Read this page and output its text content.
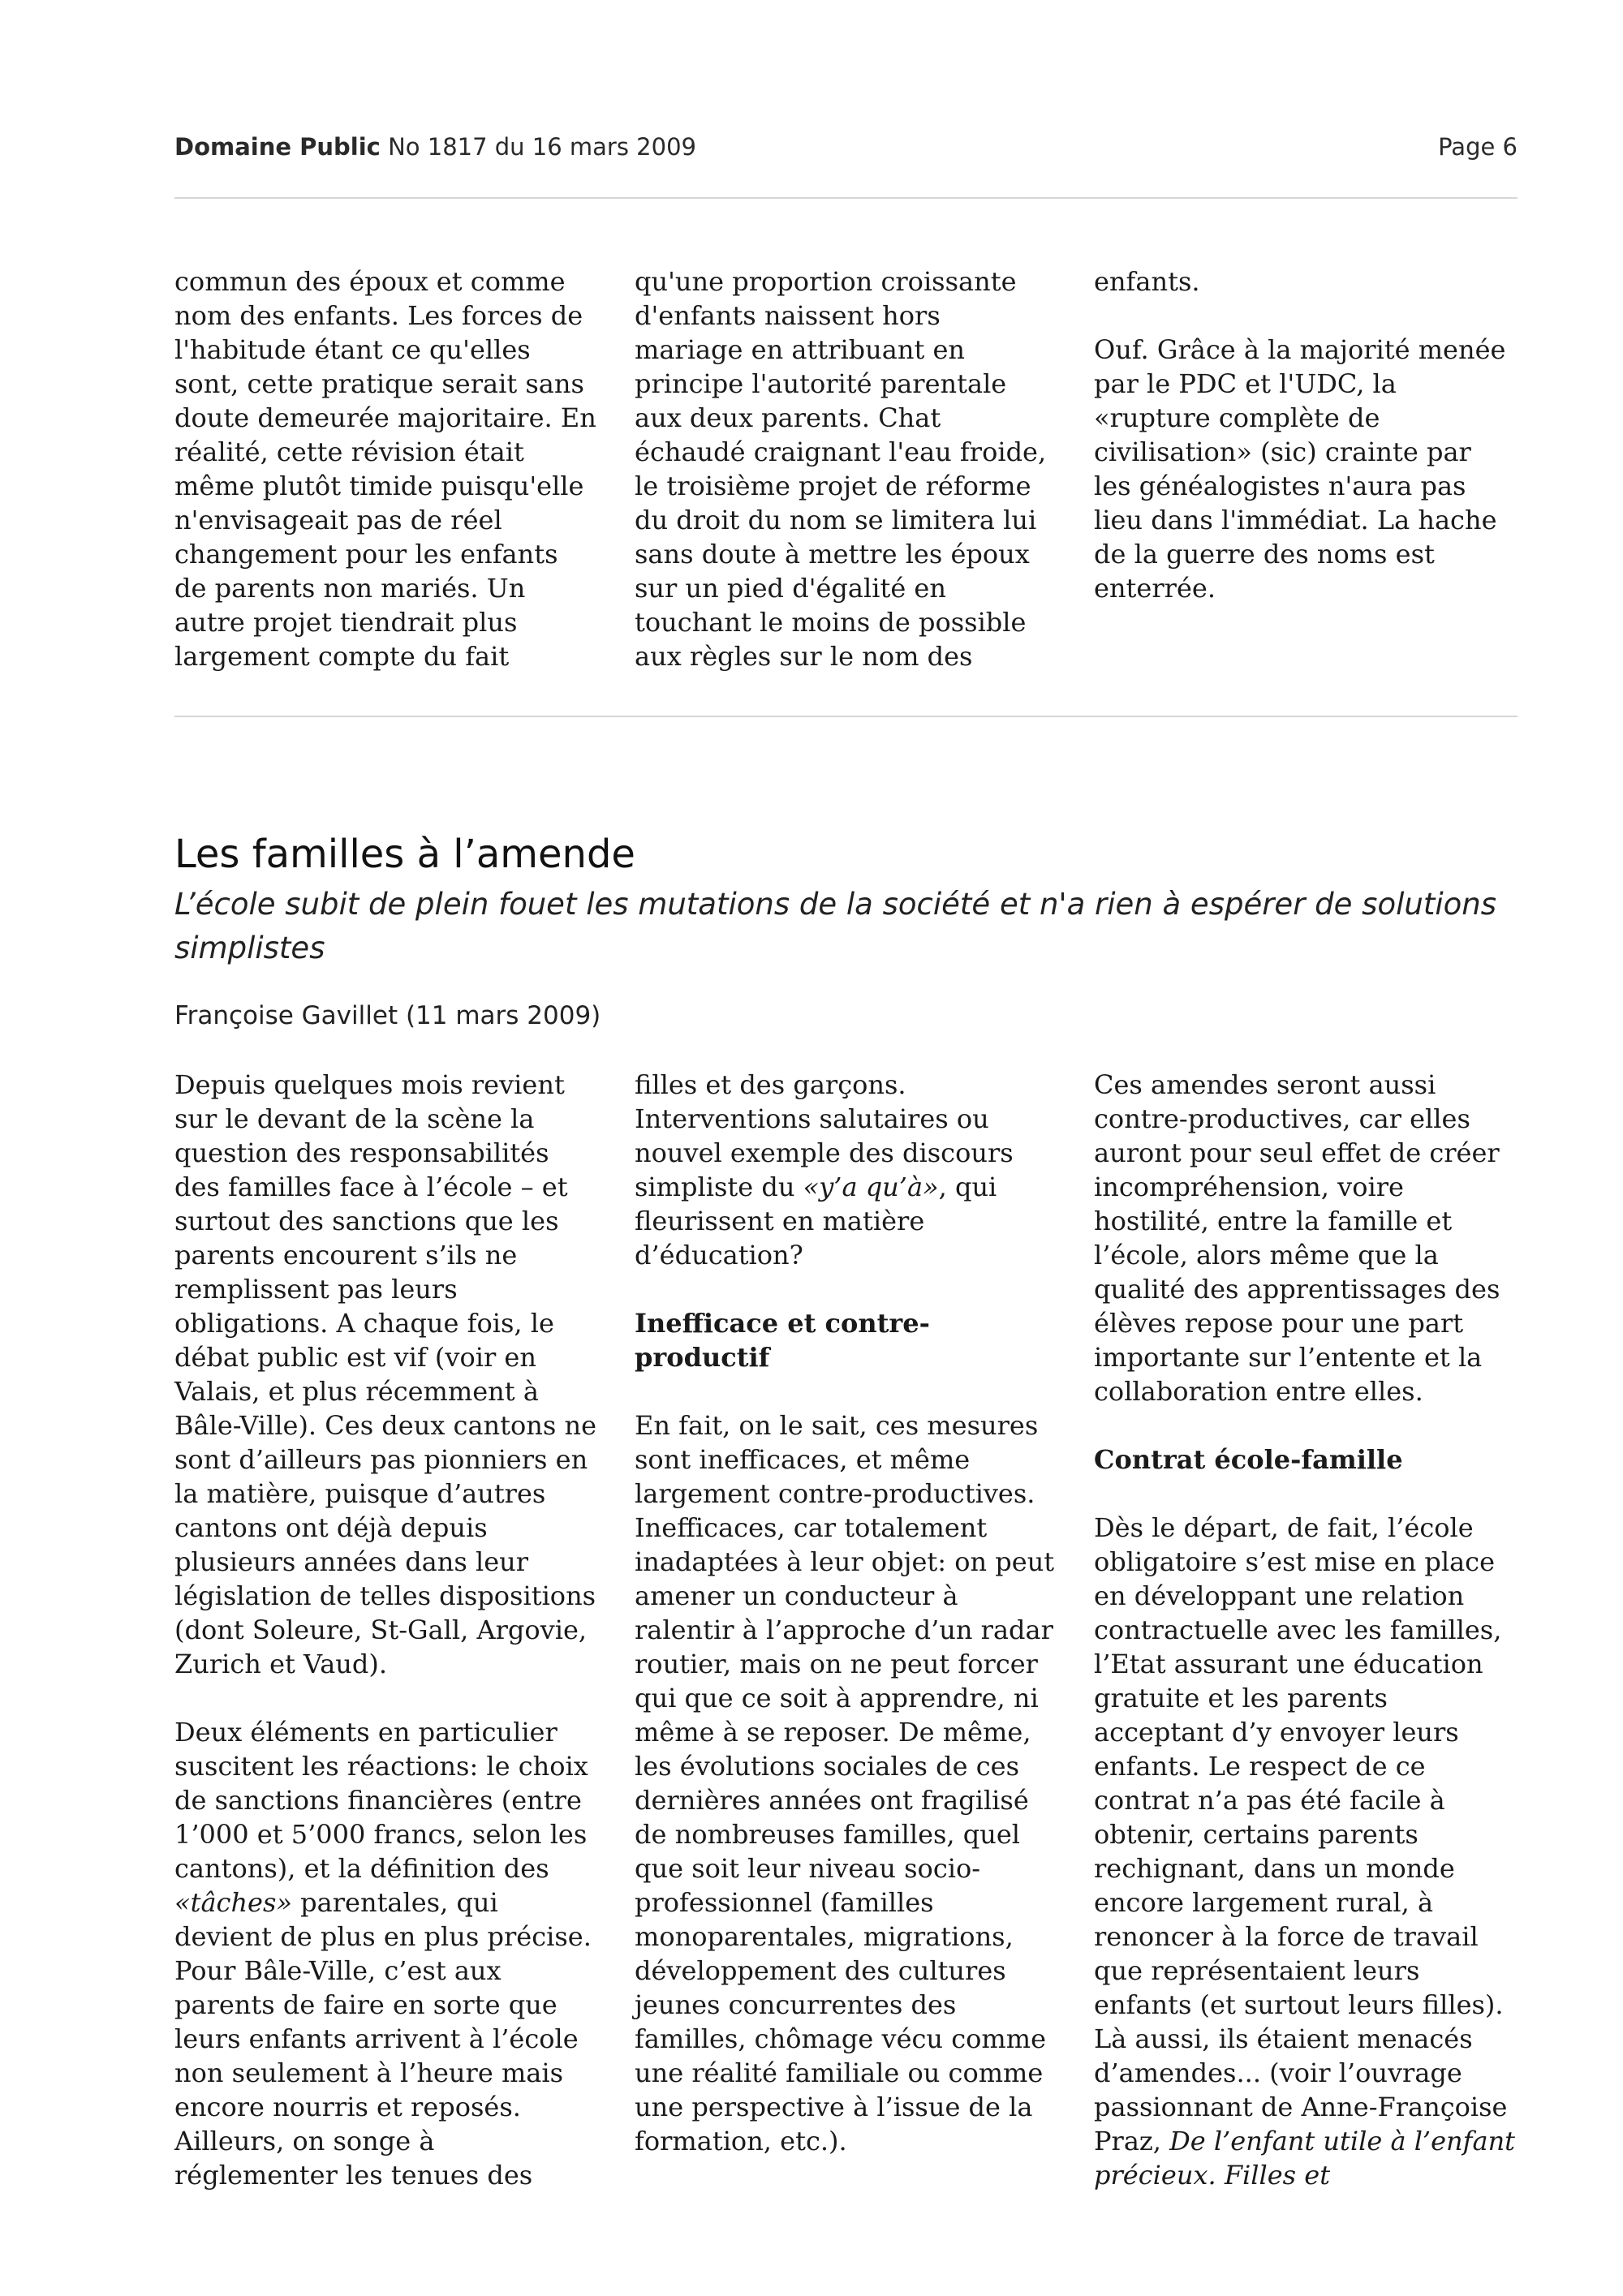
Domaine Public No 1817 du 16 mars 2009	Page 6

commun des époux et comme nom des enfants. Les forces de l'habitude étant ce qu'elles sont, cette pratique serait sans doute demeurée majoritaire. En réalité, cette révision était même plutôt timide puisqu'elle n'envisageait pas de réel changement pour les enfants de parents non mariés. Un autre projet tiendrait plus largement compte du fait

qu'une proportion croissante d'enfants naissent hors mariage en attribuant en principe l'autorité parentale aux deux parents. Chat échaudé craignant l'eau froide, le troisième projet de réforme du droit du nom se limitera lui sans doute à mettre les époux sur un pied d'égalité en touchant le moins de possible aux règles sur le nom des

enfants.

Ouf. Grâce à la majorité menée par le PDC et l'UDC, la «rupture complète de civilisation» (sic) crainte par les généalogistes n'aura pas lieu dans l'immédiat. La hache de la guerre des noms est enterrée.

Les familles à l’amende
L’école subit de plein fouet les mutations de la société et n'a rien à espérer de solutions simplistes
Françoise Gavillet (11 mars 2009)

Depuis quelques mois revient sur le devant de la scène la question des responsabilités des familles face à l’école – et surtout des sanctions que les parents encourent s’ils ne remplissent pas leurs obligations. A chaque fois, le débat public est vif (voir en Valais, et plus récemment à Bâle-Ville). Ces deux cantons ne sont d’ailleurs pas pionniers en la matière, puisque d’autres cantons ont déjà depuis plusieurs années dans leur législation de telles dispositions (dont Soleure, St-Gall, Argovie, Zurich et Vaud).

Deux éléments en particulier suscitent les réactions: le choix de sanctions financières (entre 1’000 et 5’000 francs, selon les cantons), et la définition des «tâches» parentales, qui devient de plus en plus précise. Pour Bâle-Ville, c’est aux parents de faire en sorte que leurs enfants arrivent à l’école non seulement à l’heure mais encore nourris et reposés. Ailleurs, on songe à réglementer les tenues des

filles et des garçons. Interventions salutaires ou nouvel exemple des discours simpliste du «y’a qu’à», qui fleurissent en matière d’éducation?

Inefficace et contre-productif

En fait, on le sait, ces mesures sont inefficaces, et même largement contre-productives. Inefficaces, car totalement inadaptées à leur objet: on peut amener un conducteur à ralentir à l’approche d’un radar routier, mais on ne peut forcer qui que ce soit à apprendre, ni même à se reposer. De même, les évolutions sociales de ces dernières années ont fragilisé de nombreuses familles, quel que soit leur niveau socio-professionnel (familles monoparentales, migrations, développement des cultures jeunes concurrentes des familles, chômage vécu comme une réalité familiale ou comme une perspective à l’issue de la formation, etc.).

Ces amendes seront aussi contre-productives, car elles auront pour seul effet de créer incompréhension, voire hostilité, entre la famille et l’école, alors même que la qualité des apprentissages des élèves repose pour une part importante sur l’entente et la collaboration entre elles.

Contrat école-famille

Dès le départ, de fait, l’école obligatoire s’est mise en place en développant une relation contractuelle avec les familles, l’Etat assurant une éducation gratuite et les parents acceptant d’y envoyer leurs enfants. Le respect de ce contrat n’a pas été facile à obtenir, certains parents rechignant, dans un monde encore largement rural, à renoncer à la force de travail que représentaient leurs enfants (et surtout leurs filles). Là aussi, ils étaient menacés d’amendes... (voir l’ouvrage passionnant de Anne-Françoise Praz, De l’enfant utile à l’enfant précieux. Filles et
